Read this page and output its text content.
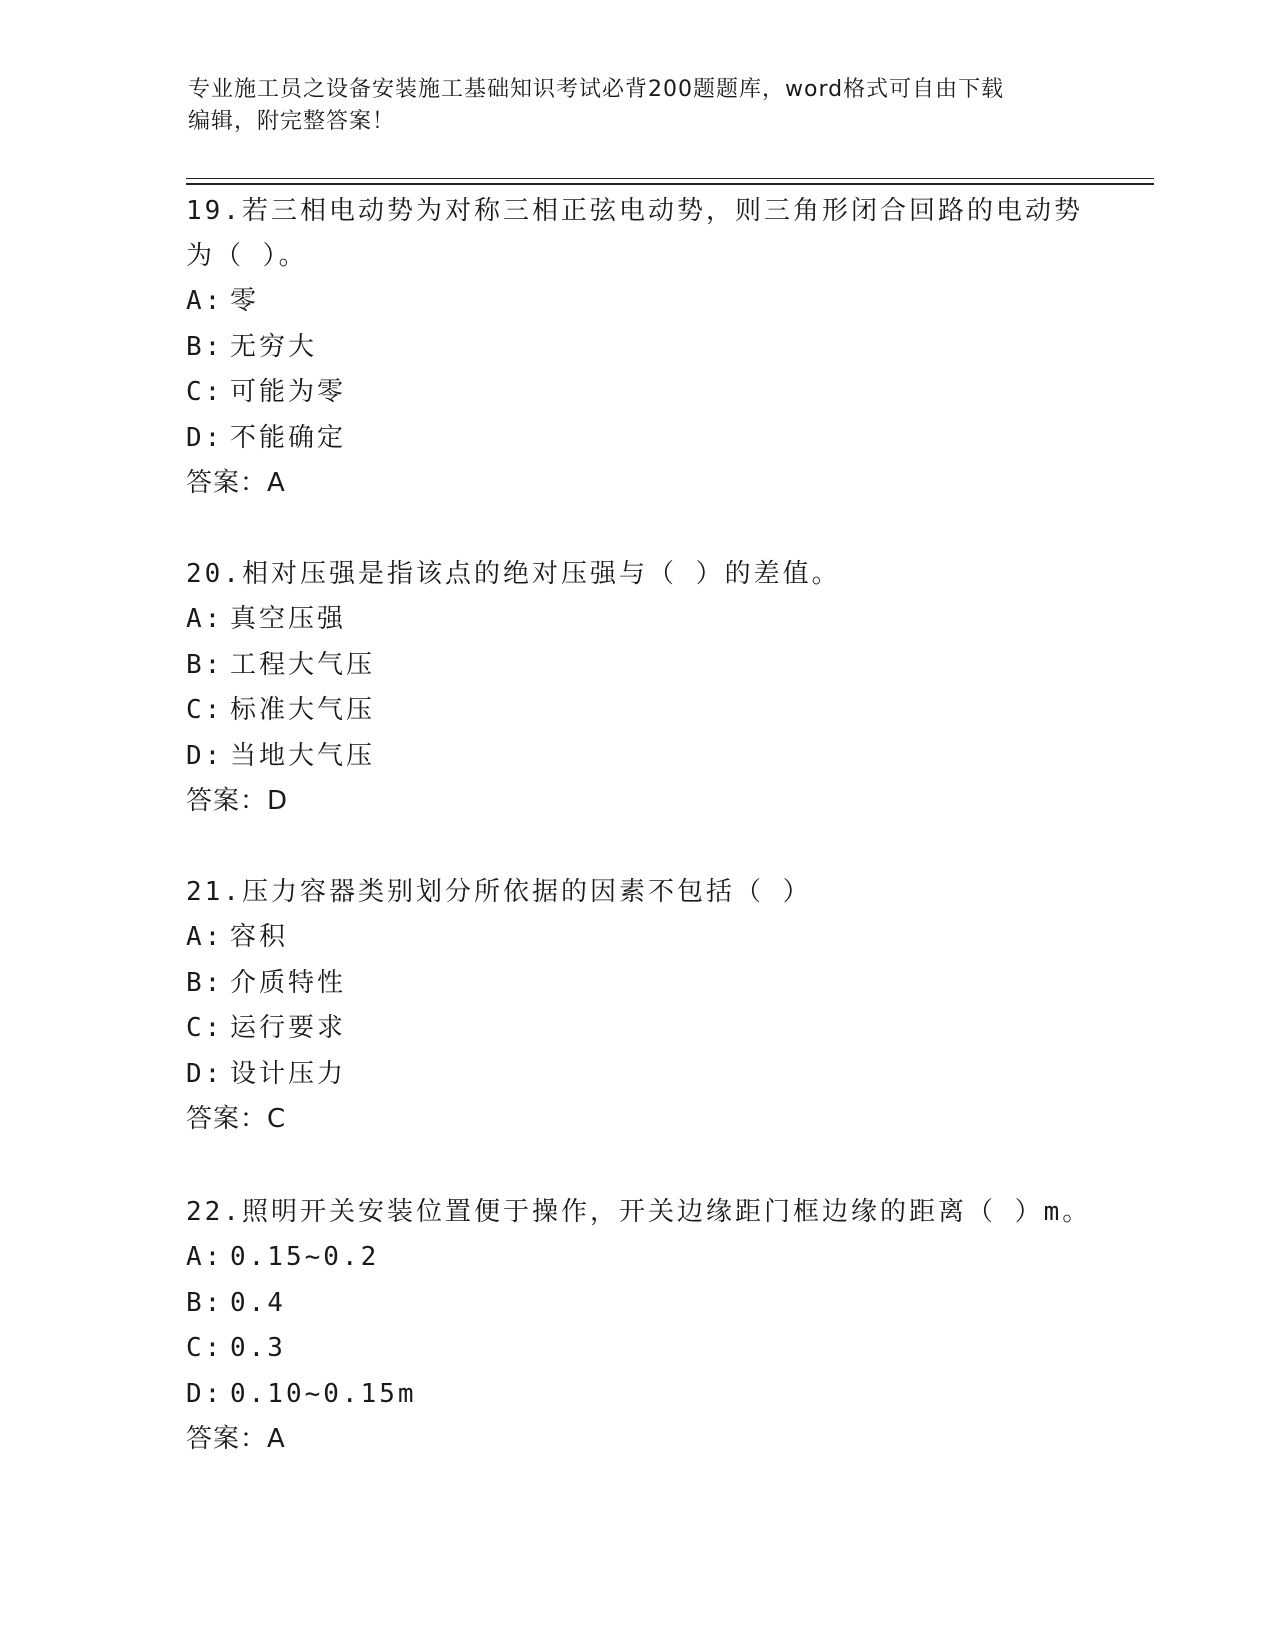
专业施工员之设备安装施工基础知识考试必背200题题库，word格式可自由下载
编辑，附完整答案！

19.若三相电动势为对称三相正弦电动势，则三角形闭合回路的电动势

为（ ）。

A: 零

B: 无穷大

C: 可能为零

D: 不能确定

答案：A

20.相对压强是指该点的绝对压强与（ ）的差值。

A: 真空压强

B: 工程大气压

C: 标准大气压

D: 当地大气压

答案：D

21.压力容器类别划分所依据的因素不包括（ ）

A: 容积

B: 介质特性

C: 运行要求

D: 设计压力

答案：C

22.照明开关安装位置便于操作，开关边缘距门框边缘的距离（ ）m。

A: 0.15~0.2

B: 0.4

C: 0.3

D: 0.10~0.15m

答案：A
